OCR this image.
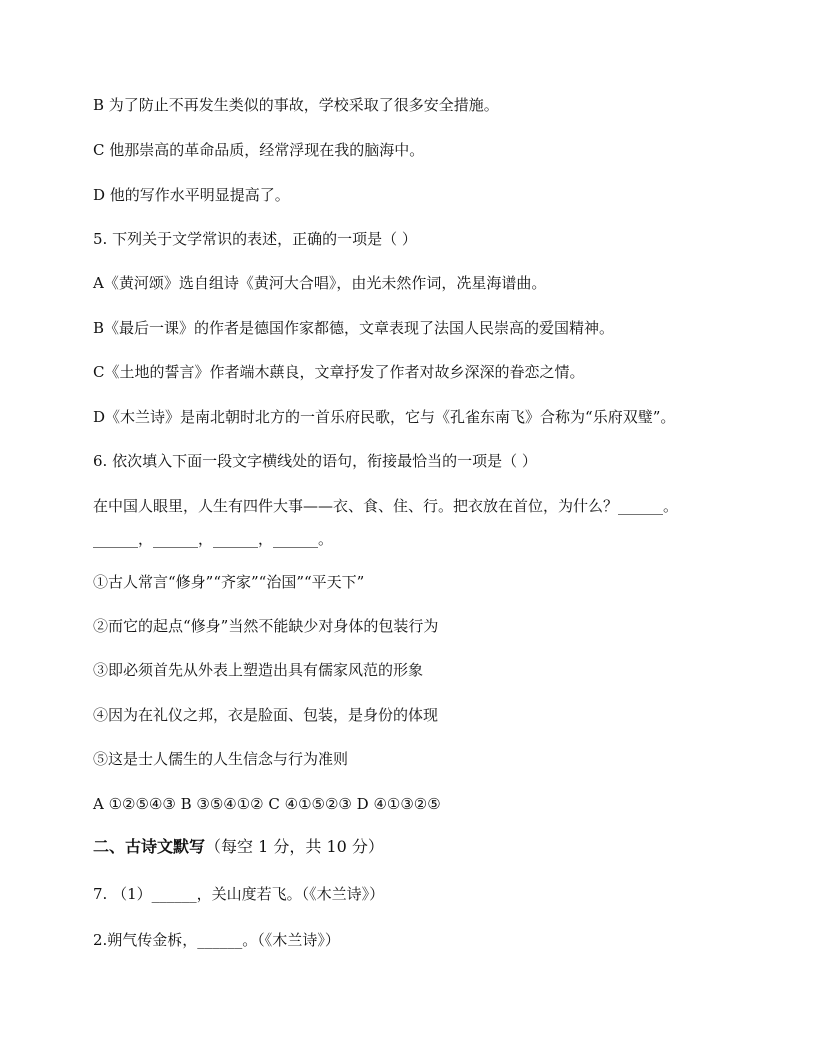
B 为了防止不再发生类似的事故，学校采取了很多安全措施。
C 他那崇高的革命品质，经常浮现在我的脑海中。
D 他的写作水平明显提高了。
5. 下列关于文学常识的表述，正确的一项是（ ）
A《黄河颂》选自组诗《黄河大合唱》，由光未然作词，冼星海谱曲。
B《最后一课》的作者是德国作家都德，文章表现了法国人民崇高的爱国精神。
C《土地的誓言》作者端木蕻良，文章抒发了作者对故乡深深的眷恋之情。
D《木兰诗》是南北朝时北方的一首乐府民歌，它与《孔雀东南飞》合称为“乐府双璧”。
6. 依次填入下面一段文字横线处的语句，衔接最恰当的一项是（ ）
在中国人眼里，人生有四件大事——衣、食、住、行。把衣放在首位，为什么？______。
______，______，______，______。
①古人常言“修身”“齐家”“治国”“平天下”
②而它的起点“修身”当然不能缺少对身体的包装行为
③即必须首先从外表上塑造出具有儒家风范的形象
④因为在礼仪之邦，衣是脸面、包装，是身份的体现
⑤这是士人儒生的人生信念与行为准则
A ①②⑤④③ B ③⑤④①② C ④①⑤②③ D ④①③②⑤
二、古诗文默写（每空 1 分，共 10 分）
7. （1）______，关山度若飞。（《木兰诗》）
2.朔气传金柝，______。（《木兰诗》）
